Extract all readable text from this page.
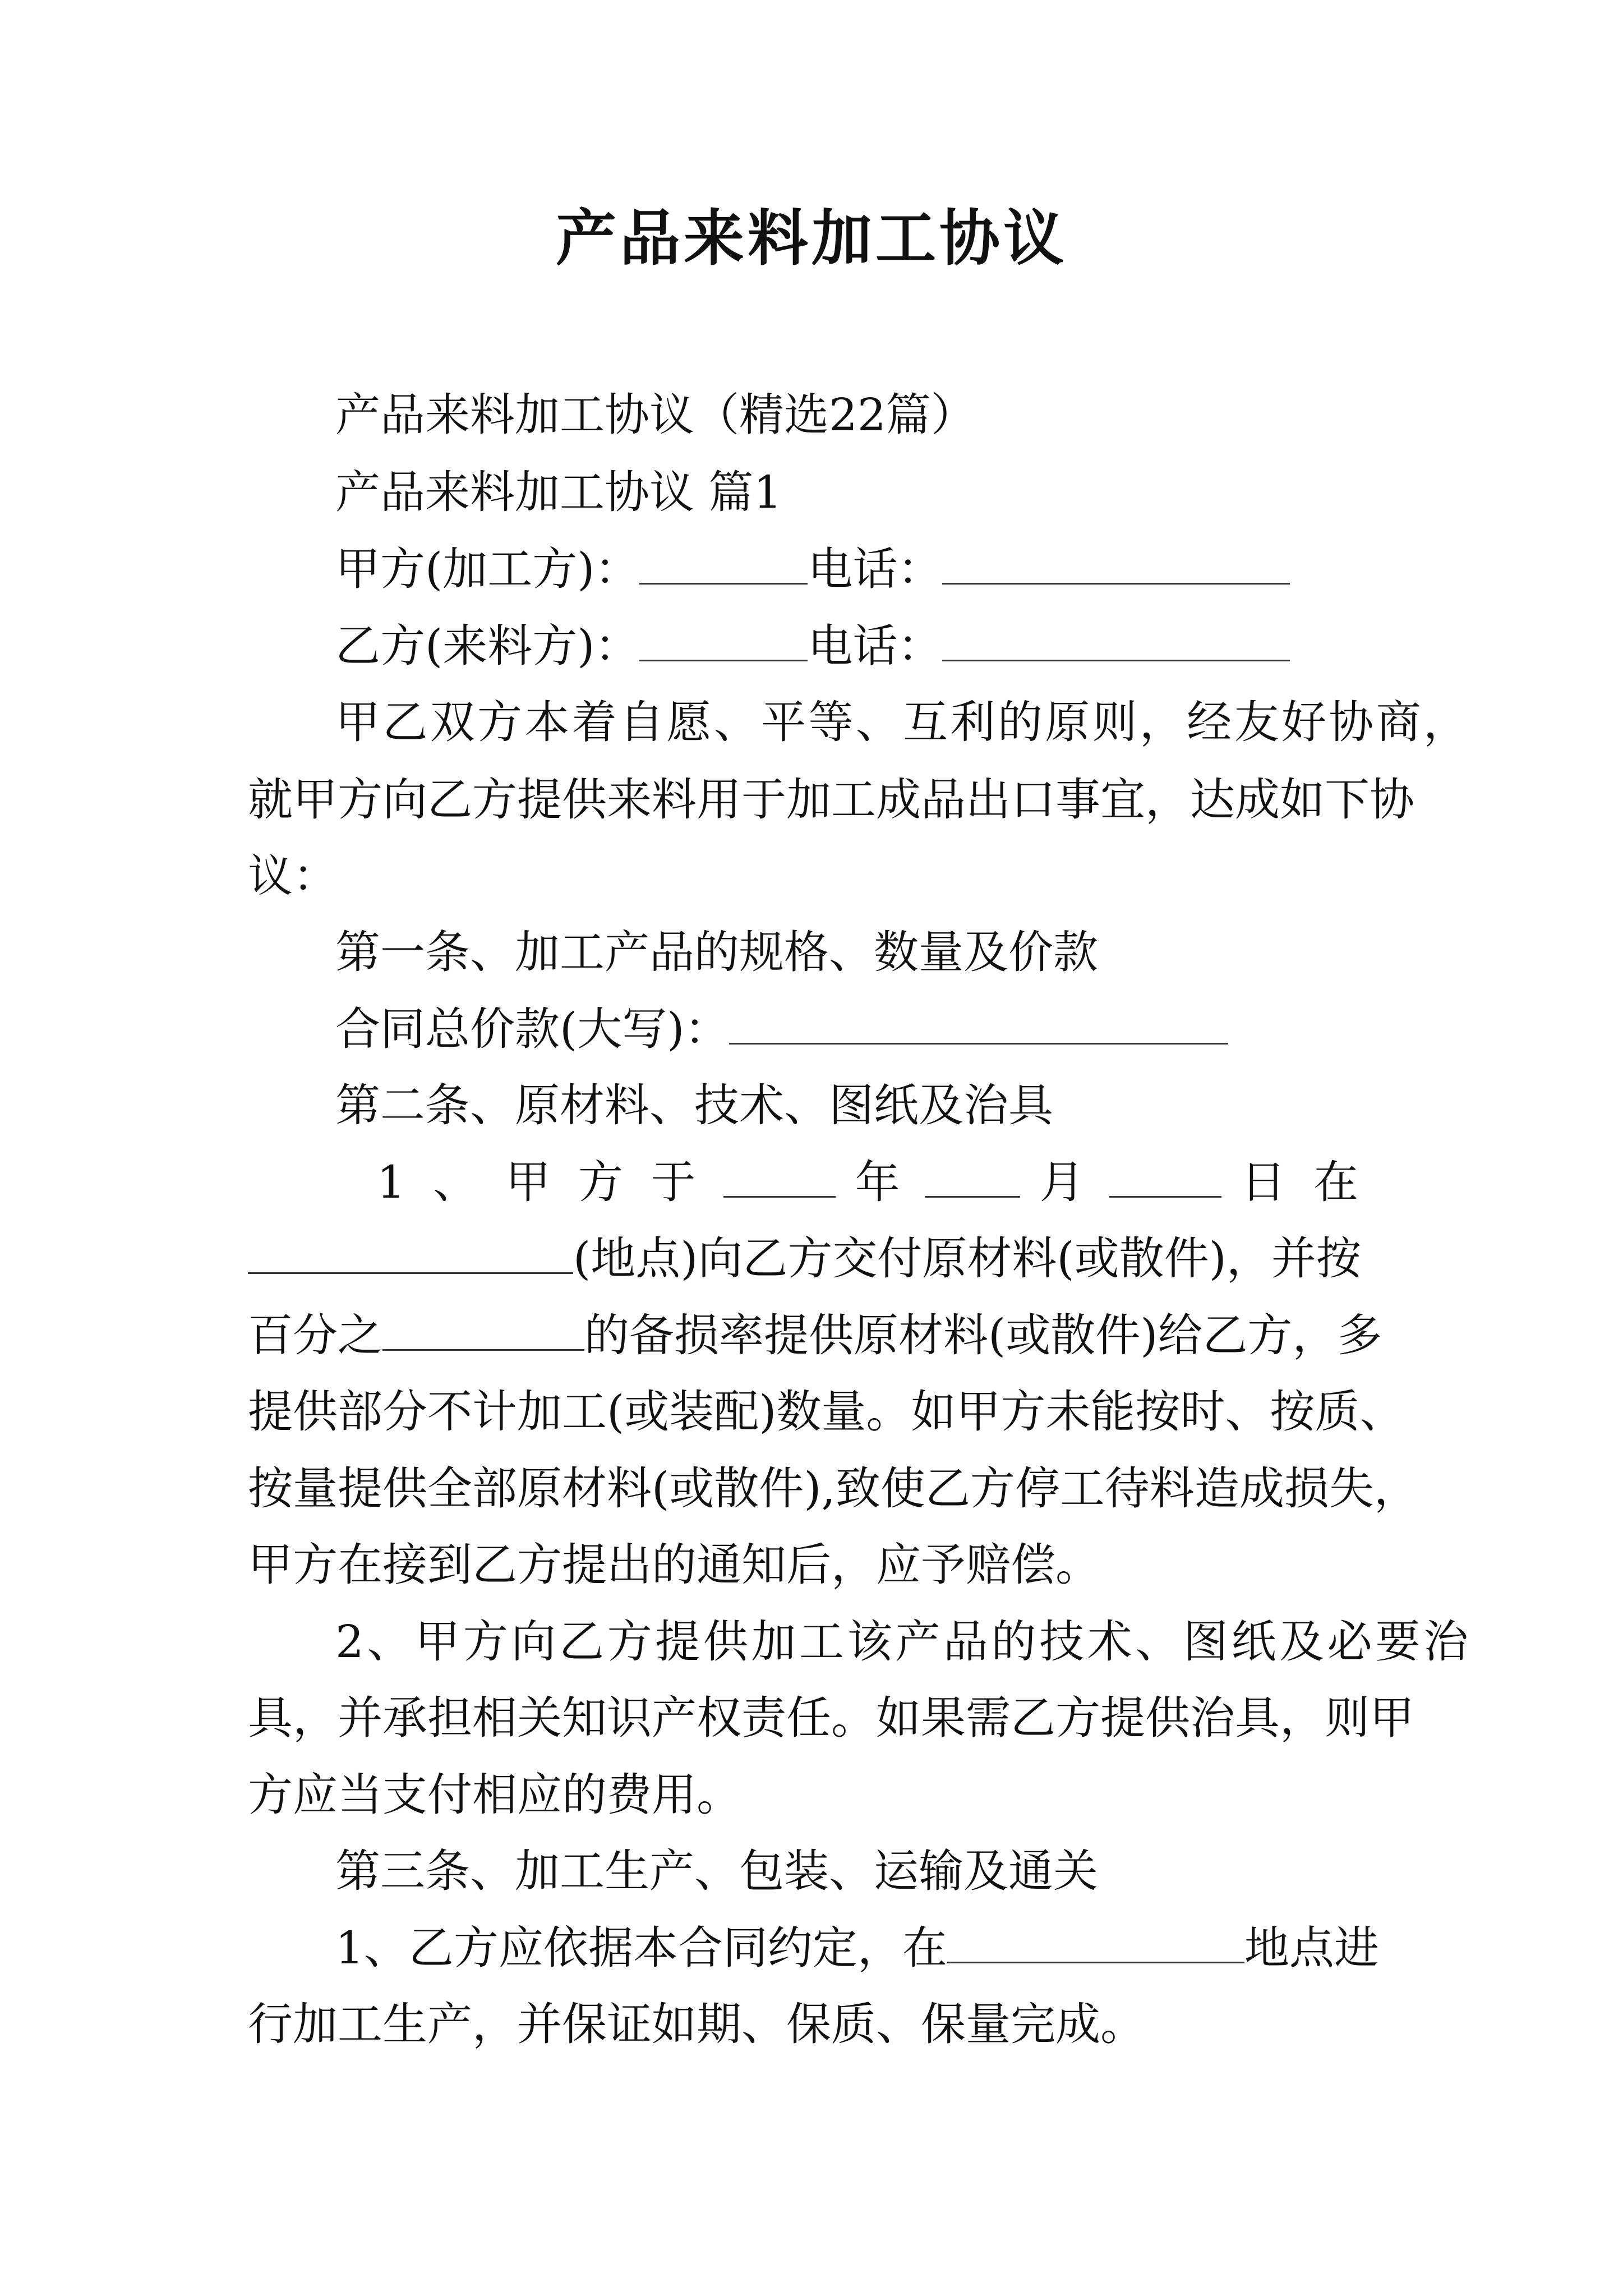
产品来料加工协议
产品来料加工协议（精选22篇）
产品来料加工协议 篇1
甲方(加工方)：	电话：
乙方(来料方)：	电话：
甲乙双方本着自愿、平等、互利的原则，经友好协商，
就甲方向乙方提供来料用于加工成品出口事宜，达成如下协
议：
第一条、加工产品的规格、数量及价款
合同总价款(大写)：
第二条、原材料、技术、图纸及治具
1、甲方于	年	月	日在
(地点)向乙方交付原材料(或散件)，并按
百分之	的备损率提供原材料(或散件)给乙方，多
提供部分不计加工(或装配)数量。如甲方未能按时、按质、
按量提供全部原材料(或散件),致使乙方停工待料造成损失，
甲方在接到乙方提出的通知后，应予赔偿。
2、甲方向乙方提供加工该产品的技术、图纸及必要治
具，并承担相关知识产权责任。如果需乙方提供治具，则甲
方应当支付相应的费用。
第三条、加工生产、包装、运输及通关
1、乙方应依据本合同约定，在	地点进
行加工生产，并保证如期、保质、保量完成。
